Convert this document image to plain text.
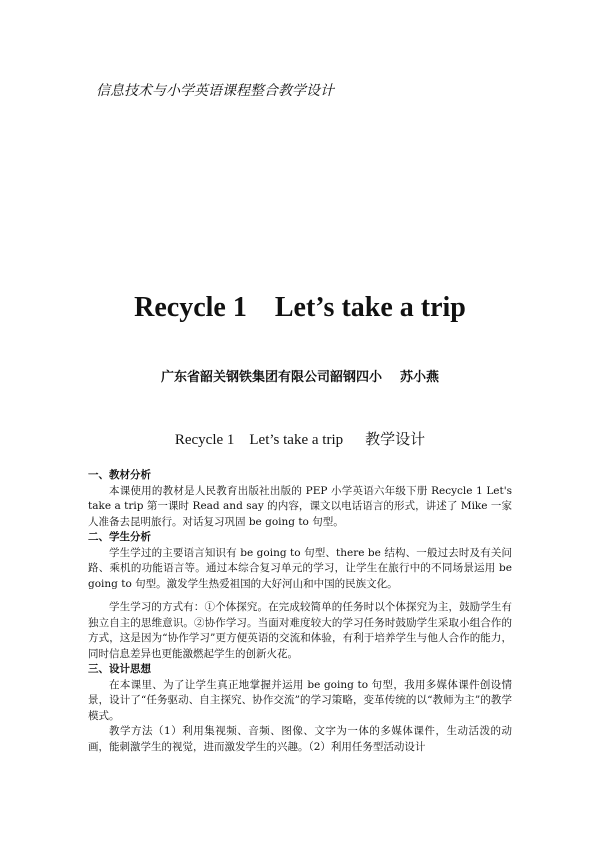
信息技术与小学英语课程整合教学设计
Recycle 1    Let’s take a trip
广东省韶关钢铁集团有限公司韶钢四小    苏小燕
Recycle 1    Let’s take a trip 教学设计
一、教材分析

本课使用的教材是人民教育出版社出版的 PEP 小学英语六年级下册 Recycle 1 Let's take a trip 第一课时 Read and say 的内容，课文以电话语言的形式，讲述了 Mike 一家人准备去昆明旅行。对话复习巩固 be going to 句型。

二、学生分析

学生学过的主要语言知识有 be going to 句型、there be 结构、一般过去时及有关问路、乘机的功能语言等。通过本综合复习单元的学习，让学生在旅行中的不同场景运用 be going to 句型。激发学生热爱祖国的大好河山和中国的民族文化。

学生学习的方式有：①个体探究。在完成较简单的任务时以个体探究为主，鼓励学生有独立自主的思维意识。②协作学习。当面对难度较大的学习任务时鼓励学生采取小组合作的方式，这是因为“协作学习”更方便英语的交流和体验，有利于培养学生与他人合作的能力，同时信息差异也更能激燃起学生的创新火花。

三、设计思想

在本课里、为了让学生真正地掌握并运用 be going to 句型，我用多媒体课件创设情景，设计了“任务驱动、自主探究、协作交流”的学习策略，变革传统的以“教师为主”的教学模式。

教学方法（1）利用集视频、音频、图像、文字为一体的多媒体课件，生动活泼的动画，能刺激学生的视觉，进而激发学生的兴趣。（2）利用任务型活动设计
